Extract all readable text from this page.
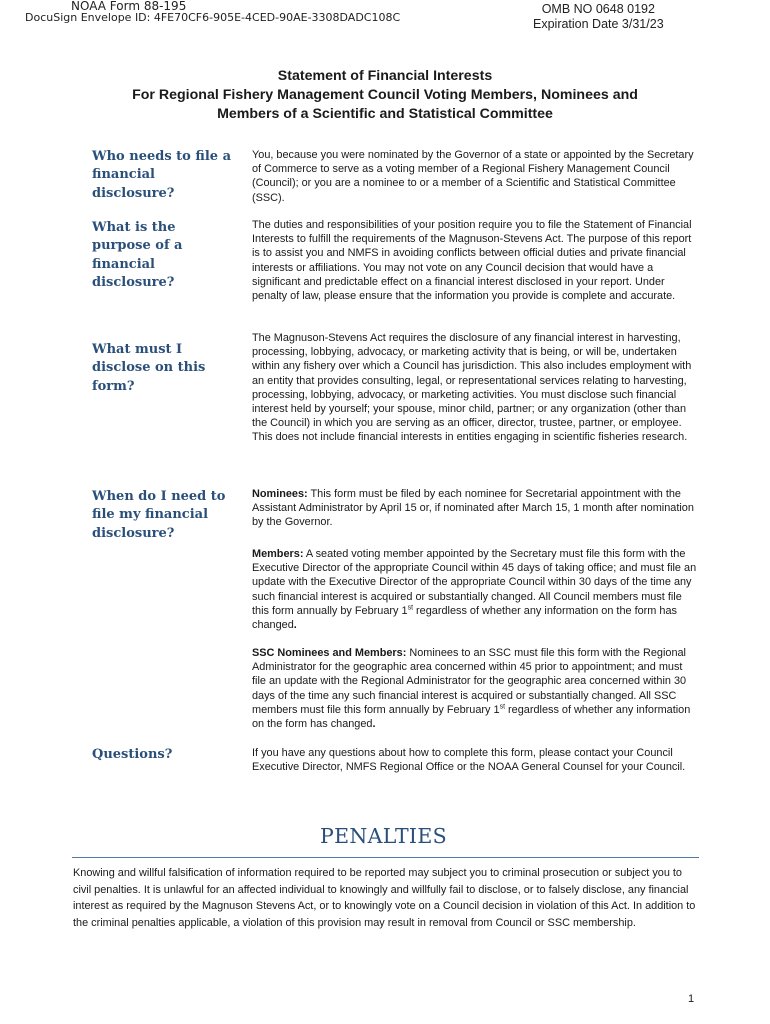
NOAA Form 88-195
DocuSign Envelope ID: 4FE70CF6-905E-4CED-90AE-3308DADC108C
OMB NO 0648 0192
Expiration Date 3/31/23
Statement of Financial Interests
For Regional Fishery Management Council Voting Members, Nominees and
Members of a Scientific and Statistical Committee
Who needs to file a financial disclosure?

You, because you were nominated by the Governor of a state or appointed by the Secretary of Commerce to serve as a voting member of a Regional Fishery Management Council (Council); or you are a nominee to or a member of a Scientific and Statistical Committee (SSC).

What is the purpose of a financial disclosure?

The duties and responsibilities of your position require you to file the Statement of Financial Interests to fulfill the requirements of the Magnuson-Stevens Act. The purpose of this report is to assist you and NMFS in avoiding conflicts between official duties and private financial interests or affiliations. You may not vote on any Council decision that would have a significant and predictable effect on a financial interest disclosed in your report. Under penalty of law, please ensure that the information you provide is complete and accurate.

What must I disclose on this form?

The Magnuson-Stevens Act requires the disclosure of any financial interest in harvesting, processing, lobbying, advocacy, or marketing activity that is being, or will be, undertaken within any fishery over which a Council has jurisdiction. This also includes employment with an entity that provides consulting, legal, or representational services relating to harvesting, processing, lobbying, advocacy, or marketing activities. You must disclose such financial interest held by yourself; your spouse, minor child, partner; or any organization (other than the Council) in which you are serving as an officer, director, trustee, partner, or employee. This does not include financial interests in entities engaging in scientific fisheries research.

When do I need to file my financial disclosure?

Nominees: This form must be filed by each nominee for Secretarial appointment with the Assistant Administrator by April 15 or, if nominated after March 15, 1 month after nomination by the Governor.

Members: A seated voting member appointed by the Secretary must file this form with the Executive Director of the appropriate Council within 45 days of taking office; and must file an update with the Executive Director of the appropriate Council within 30 days of the time any such financial interest is acquired or substantially changed. All Council members must file this form annually by February 1st regardless of whether any information on the form has changed.

SSC Nominees and Members: Nominees to an SSC must file this form with the Regional Administrator for the geographic area concerned within 45 prior to appointment; and must file an update with the Regional Administrator for the geographic area concerned within 30 days of the time any such financial interest is acquired or substantially changed. All SSC members must file this form annually by February 1st regardless of whether any information on the form has changed.

Questions?	If you have any questions about how to complete this form, please contact your Council Executive Director, NMFS Regional Office or the NOAA General Counsel for your Council.

PENALTIES
Knowing and willful falsification of information required to be reported may subject you to criminal prosecution or subject you to civil penalties. It is unlawful for an affected individual to knowingly and willfully fail to disclose, or to falsely disclose, any financial interest as required by the Magnuson Stevens Act, or to knowingly vote on a Council decision in violation of this Act. In addition to the criminal penalties applicable, a violation of this provision may result in removal from Council or SSC membership.
1
